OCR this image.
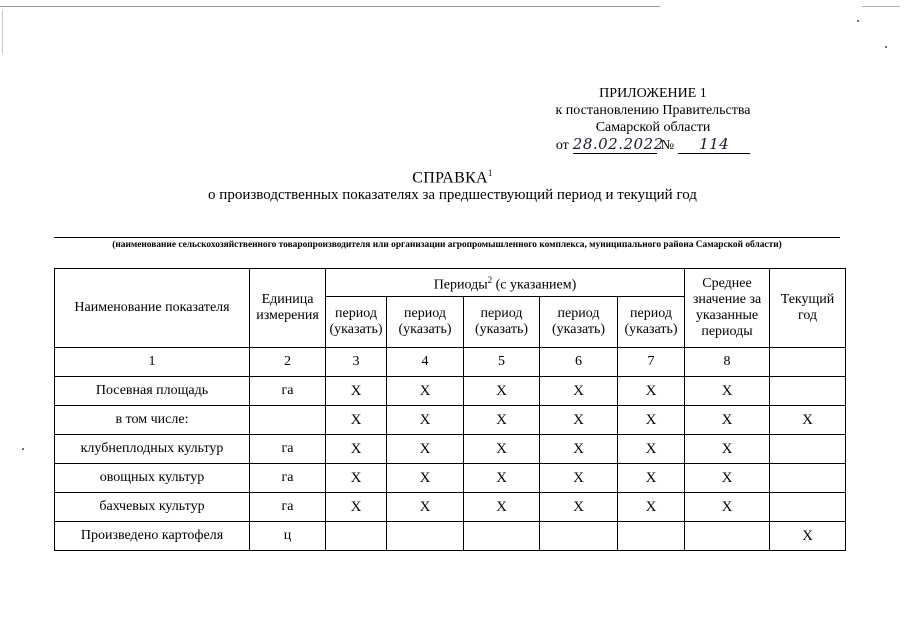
ПРИЛОЖЕНИЕ 1
к постановлению Правительства
Самарской области
от 28.02.2022
№	114
СПРАВКА$^1$
о производственных показателях за предшествующий период и текущий год
(наименование сельскохозяйственного товаропроизводителя или организации агропромышленного комплекса, муниципального района Самарской области)
Наименование показателя	Единица измерения	Периоды$^2$ (с указанием)					Среднее значение за указанные периоды	Текущий год
		период (указать)	период (указать)	период (указать)	период (указать)	период (указать)		
1	2	3	4	5	6	7	8	
Посевная площадь	га	X	X	X	X	X	X	
в том числе:		X	X	X	X	X	X	X
клубнеплодных культур	га	X	X	X	X	X	X	
овощных культур	га	X	X	X	X	X	X	
бахчевых культур	га	X	X	X	X	X	X	
Произведено картофеля	ц							X
